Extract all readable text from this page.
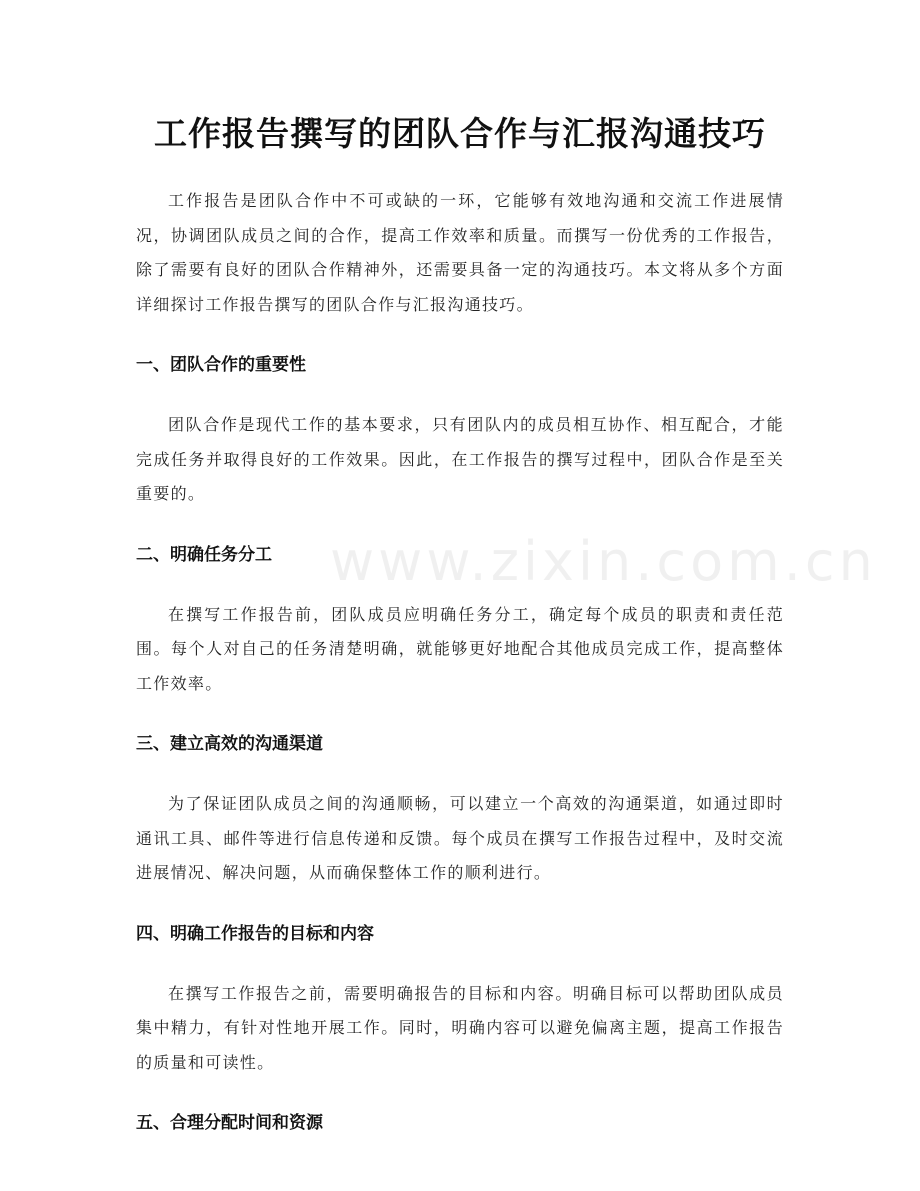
工作报告撰写的团队合作与汇报沟通技巧

工作报告是团队合作中不可或缺的一环，它能够有效地沟通和交流工作进展情况，协调团队成员之间的合作，提高工作效率和质量。而撰写一份优秀的工作报告，除了需要有良好的团队合作精神外，还需要具备一定的沟通技巧。本文将从多个方面详细探讨工作报告撰写的团队合作与汇报沟通技巧。

一、团队合作的重要性

团队合作是现代工作的基本要求，只有团队内的成员相互协作、相互配合，才能完成任务并取得良好的工作效果。因此，在工作报告的撰写过程中，团队合作是至关重要的。

二、明确任务分工

在撰写工作报告前，团队成员应明确任务分工，确定每个成员的职责和责任范围。每个人对自己的任务清楚明确，就能够更好地配合其他成员完成工作，提高整体工作效率。

三、建立高效的沟通渠道

为了保证团队成员之间的沟通顺畅，可以建立一个高效的沟通渠道，如通过即时通讯工具、邮件等进行信息传递和反馈。每个成员在撰写工作报告过程中，及时交流进展情况、解决问题，从而确保整体工作的顺利进行。

四、明确工作报告的目标和内容

在撰写工作报告之前，需要明确报告的目标和内容。明确目标可以帮助团队成员集中精力，有针对性地开展工作。同时，明确内容可以避免偏离主题，提高工作报告的质量和可读性。

五、合理分配时间和资源
www.zixin.com.cn
